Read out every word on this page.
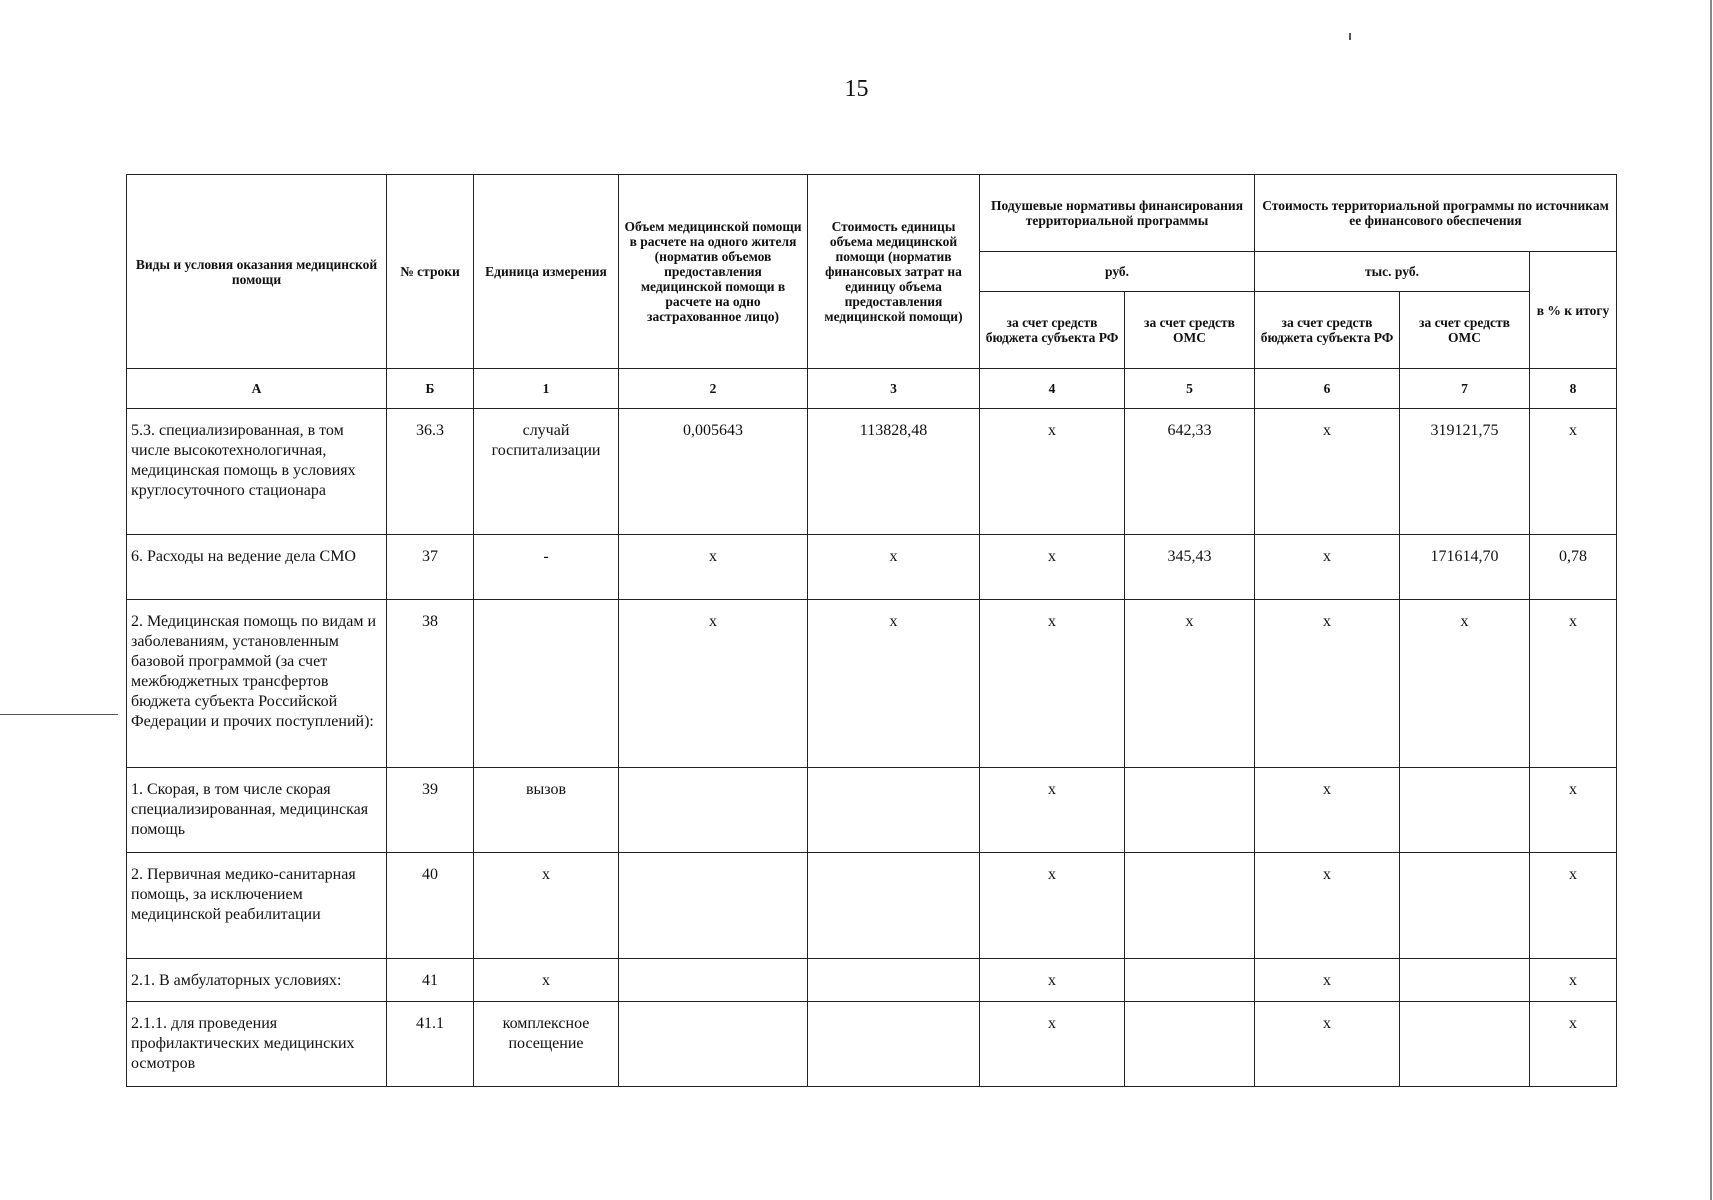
15
Виды и условия оказания медицинской помощи	№ строки	Единица измерения	Объем медицинской помощи в расчете на одного жителя (норматив объемов предоставления медицинской помощи в расчете на одно застрахованное лицо)	Стоимость единицы объема медицинской помощи (норматив финансовых затрат на единицу объема предоставления медицинской помощи)	Подушевые нормативы финансирования территориальной программы		Стоимость территориальной программы по источникам ее финансового обеспечения		
					руб.		тыс. руб.		в % к итогу
					за счет средств бюджета субъекта РФ	за счет средств ОМС	за счет средств бюджета субъекта РФ	за счет средств ОМС	
А	Б	1	2	3	4	5	6	7	8
5.3. специализированная, в том числе высокотехнологичная, медицинская помощь в условиях круглосуточного стационара	36.3	случай госпитализации	0,005643	113828,48	х	642,33	х	319121,75	х
6. Расходы на ведение дела СМО	37	-	х	х	х	345,43	х	171614,70	0,78
2. Медицинская помощь по видам и заболеваниям, установленным базовой программой (за счет межбюджетных трансфертов бюджета субъекта Российской Федерации и прочих поступлений):	38		х	х	х	х	х	х	х
1. Скорая, в том числе скорая специализированная, медицинская помощь	39	вызов			х		х		х
2. Первичная медико-санитарная помощь, за исключением медицинской реабилитации	40	х			х		х		х
2.1. В амбулаторных условиях:	41	х			х		х		х
2.1.1. для проведения профилактических медицинских осмотров	41.1	комплексное посещение			х		х		х
